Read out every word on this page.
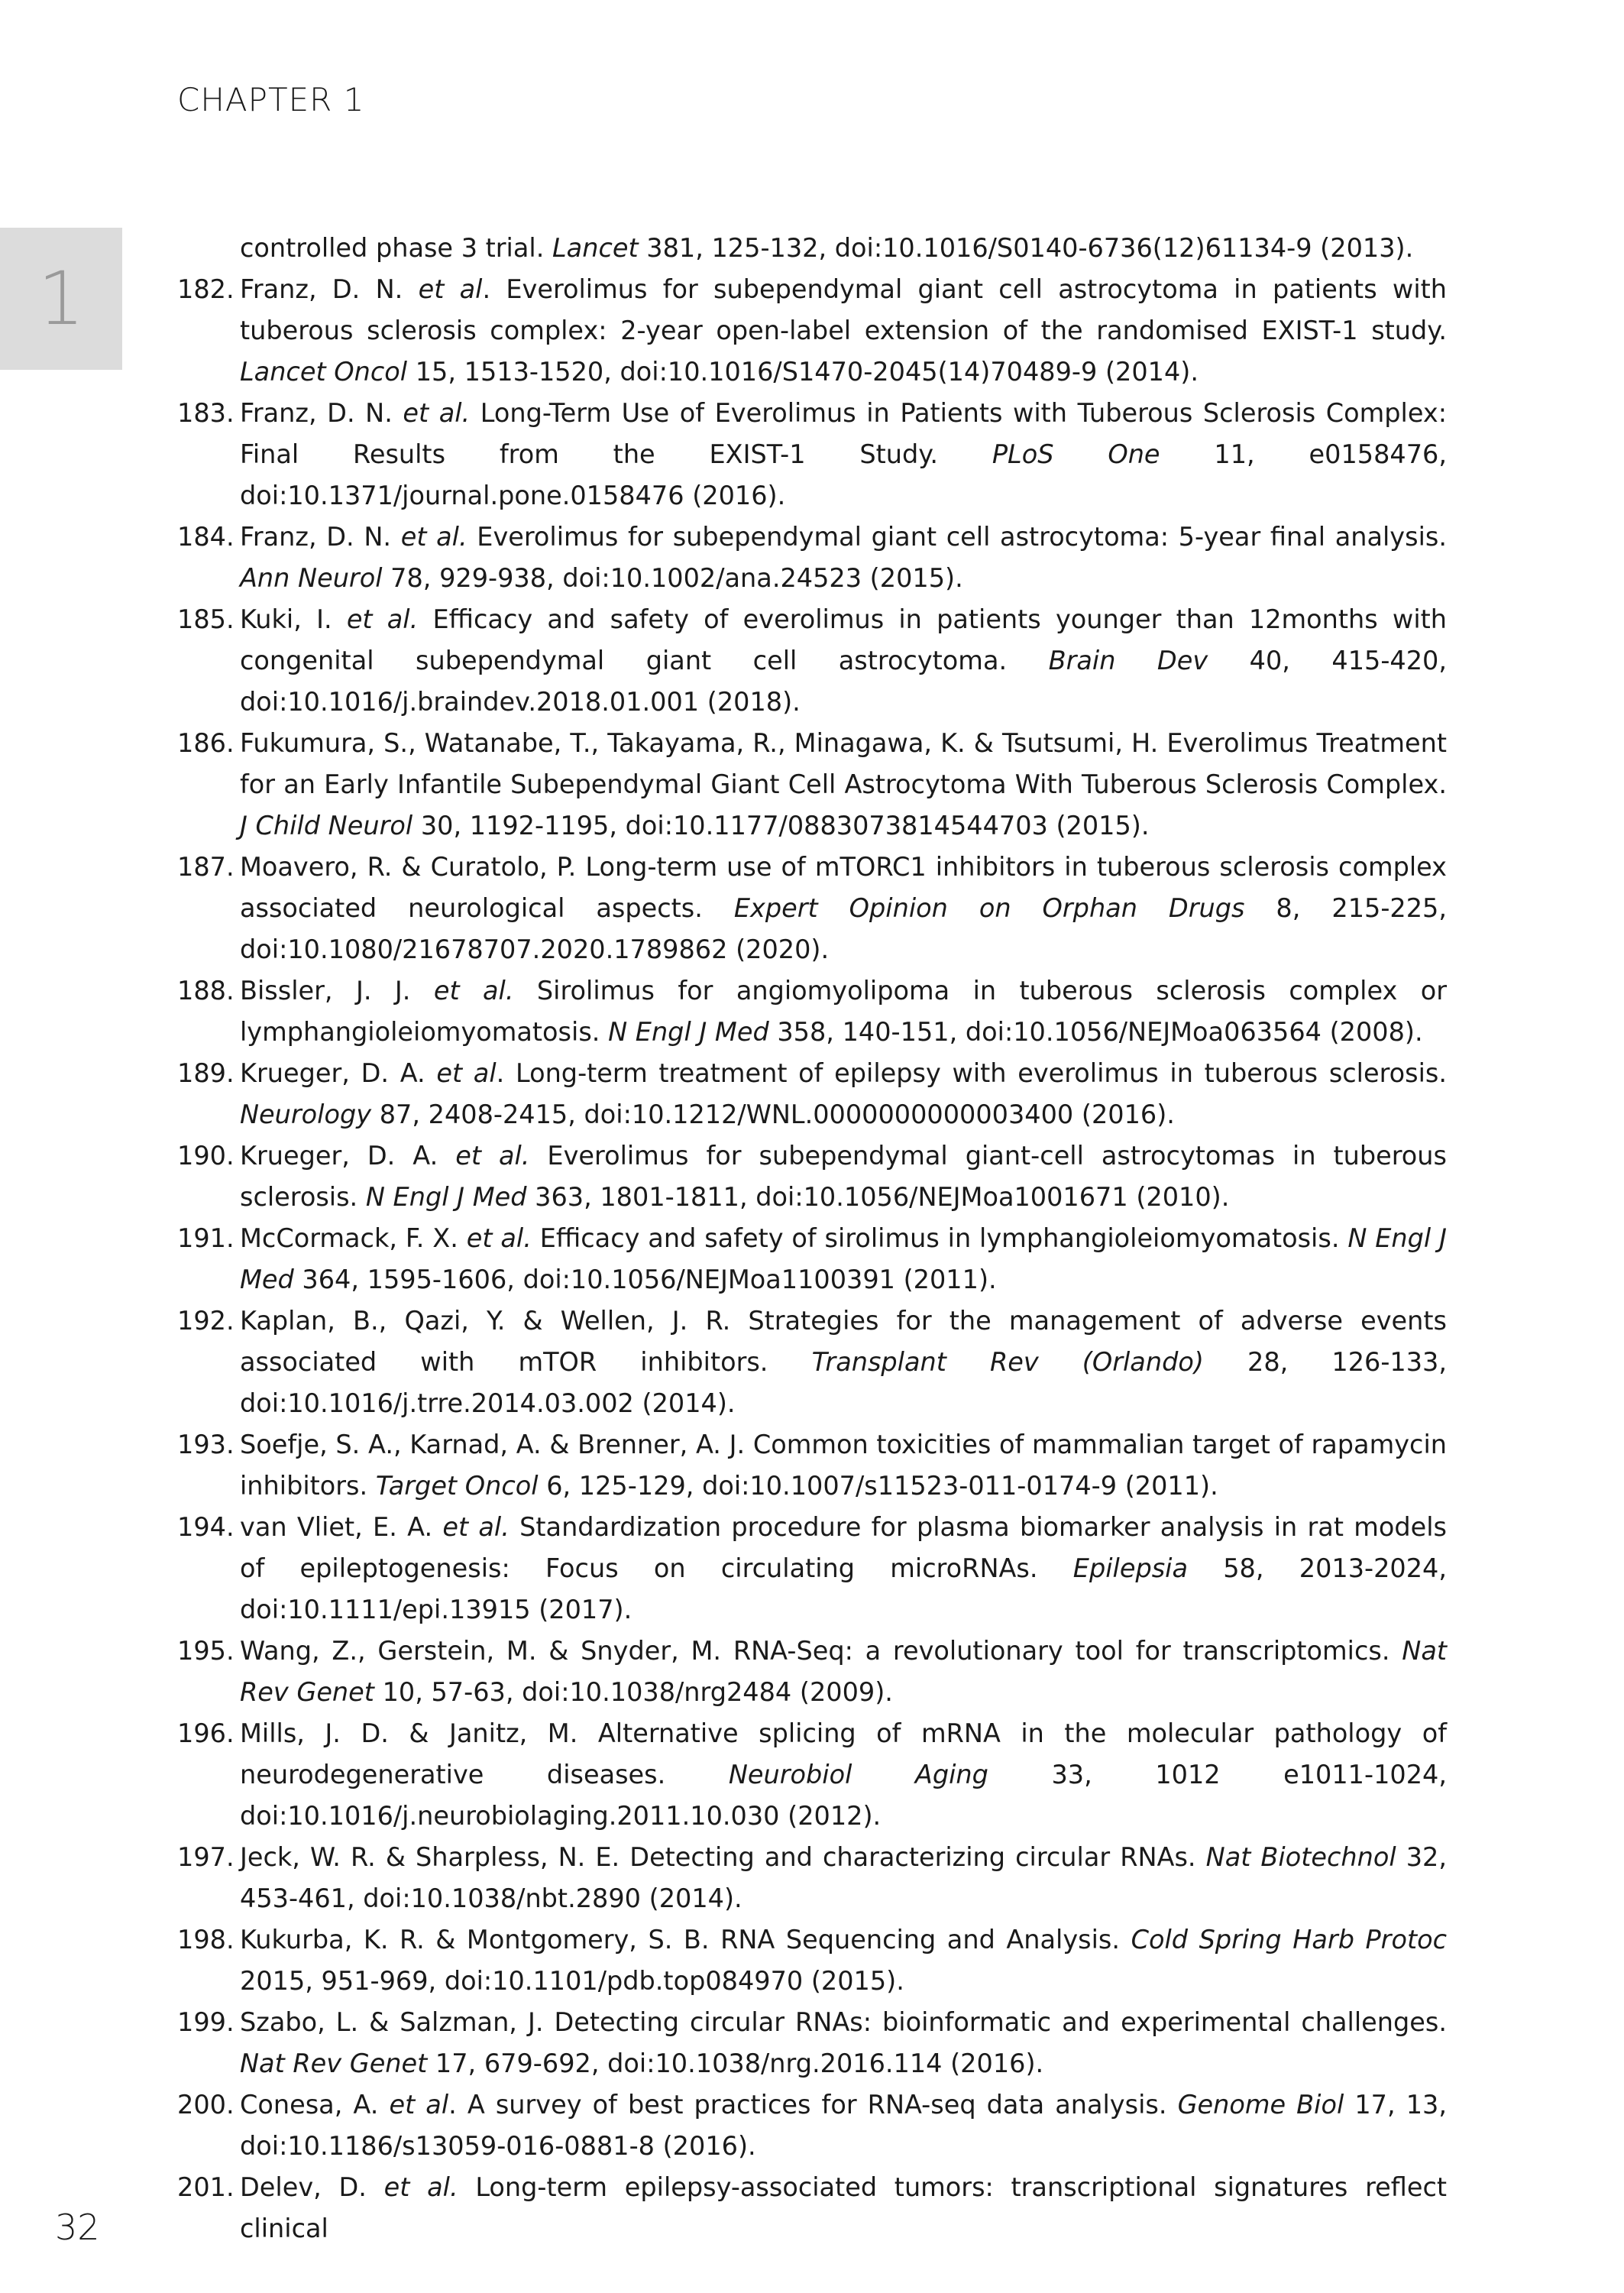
CHAPTER 1
1
controlled phase 3 trial. Lancet 381, 125-132, doi:10.1016/S0140-6736(12)61134-9 (2013).
182. Franz, D. N. et al. Everolimus for subependymal giant cell astrocytoma in patients with tuberous sclerosis complex: 2-year open-label extension of the randomised EXIST-1 study. Lancet Oncol 15, 1513-1520, doi:10.1016/S1470-2045(14)70489-9 (2014).
183. Franz, D. N. et al. Long-Term Use of Everolimus in Patients with Tuberous Sclerosis Complex: Final Results from the EXIST-1 Study. PLoS One 11, e0158476, doi:10.1371/journal.pone.0158476 (2016).
184. Franz, D. N. et al. Everolimus for subependymal giant cell astrocytoma: 5-year final analysis. Ann Neurol 78, 929-938, doi:10.1002/ana.24523 (2015).
185. Kuki, I. et al. Efficacy and safety of everolimus in patients younger than 12months with congenital subependymal giant cell astrocytoma. Brain Dev 40, 415-420, doi:10.1016/j.braindev.2018.01.001 (2018).
186. Fukumura, S., Watanabe, T., Takayama, R., Minagawa, K. & Tsutsumi, H. Everolimus Treatment for an Early Infantile Subependymal Giant Cell Astrocytoma With Tuberous Sclerosis Complex. J Child Neurol 30, 1192-1195, doi:10.1177/0883073814544703 (2015).
187. Moavero, R. & Curatolo, P. Long-term use of mTORC1 inhibitors in tuberous sclerosis complex associated neurological aspects. Expert Opinion on Orphan Drugs 8, 215-225, doi:10.1080/21678707.2020.1789862 (2020).
188. Bissler, J. J. et al. Sirolimus for angiomyolipoma in tuberous sclerosis complex or lymphangioleiomyomatosis. N Engl J Med 358, 140-151, doi:10.1056/NEJMoa063564 (2008).
189. Krueger, D. A. et al. Long-term treatment of epilepsy with everolimus in tuberous sclerosis. Neurology 87, 2408-2415, doi:10.1212/WNL.0000000000003400 (2016).
190. Krueger, D. A. et al. Everolimus for subependymal giant-cell astrocytomas in tuberous sclerosis. N Engl J Med 363, 1801-1811, doi:10.1056/NEJMoa1001671 (2010).
191. McCormack, F. X. et al. Efficacy and safety of sirolimus in lymphangioleiomyomatosis. N Engl J Med 364, 1595-1606, doi:10.1056/NEJMoa1100391 (2011).
192. Kaplan, B., Qazi, Y. & Wellen, J. R. Strategies for the management of adverse events associated with mTOR inhibitors. Transplant Rev (Orlando) 28, 126-133, doi:10.1016/j.trre.2014.03.002 (2014).
193. Soefje, S. A., Karnad, A. & Brenner, A. J. Common toxicities of mammalian target of rapamycin inhibitors. Target Oncol 6, 125-129, doi:10.1007/s11523-011-0174-9 (2011).
194. van Vliet, E. A. et al. Standardization procedure for plasma biomarker analysis in rat models of epileptogenesis: Focus on circulating microRNAs. Epilepsia 58, 2013-2024, doi:10.1111/epi.13915 (2017).
195. Wang, Z., Gerstein, M. & Snyder, M. RNA-Seq: a revolutionary tool for transcriptomics. Nat Rev Genet 10, 57-63, doi:10.1038/nrg2484 (2009).
196. Mills, J. D. & Janitz, M. Alternative splicing of mRNA in the molecular pathology of neurodegenerative diseases. Neurobiol Aging 33, 1012 e1011-1024, doi:10.1016/j.neurobiolaging.2011.10.030 (2012).
197. Jeck, W. R. & Sharpless, N. E. Detecting and characterizing circular RNAs. Nat Biotechnol 32, 453-461, doi:10.1038/nbt.2890 (2014).
198. Kukurba, K. R. & Montgomery, S. B. RNA Sequencing and Analysis. Cold Spring Harb Protoc 2015, 951-969, doi:10.1101/pdb.top084970 (2015).
199. Szabo, L. & Salzman, J. Detecting circular RNAs: bioinformatic and experimental challenges. Nat Rev Genet 17, 679-692, doi:10.1038/nrg.2016.114 (2016).
200. Conesa, A. et al. A survey of best practices for RNA-seq data analysis. Genome Biol 17, 13, doi:10.1186/s13059-016-0881-8 (2016).
201. Delev, D. et al. Long-term epilepsy-associated tumors: transcriptional signatures reflect clinical
32
